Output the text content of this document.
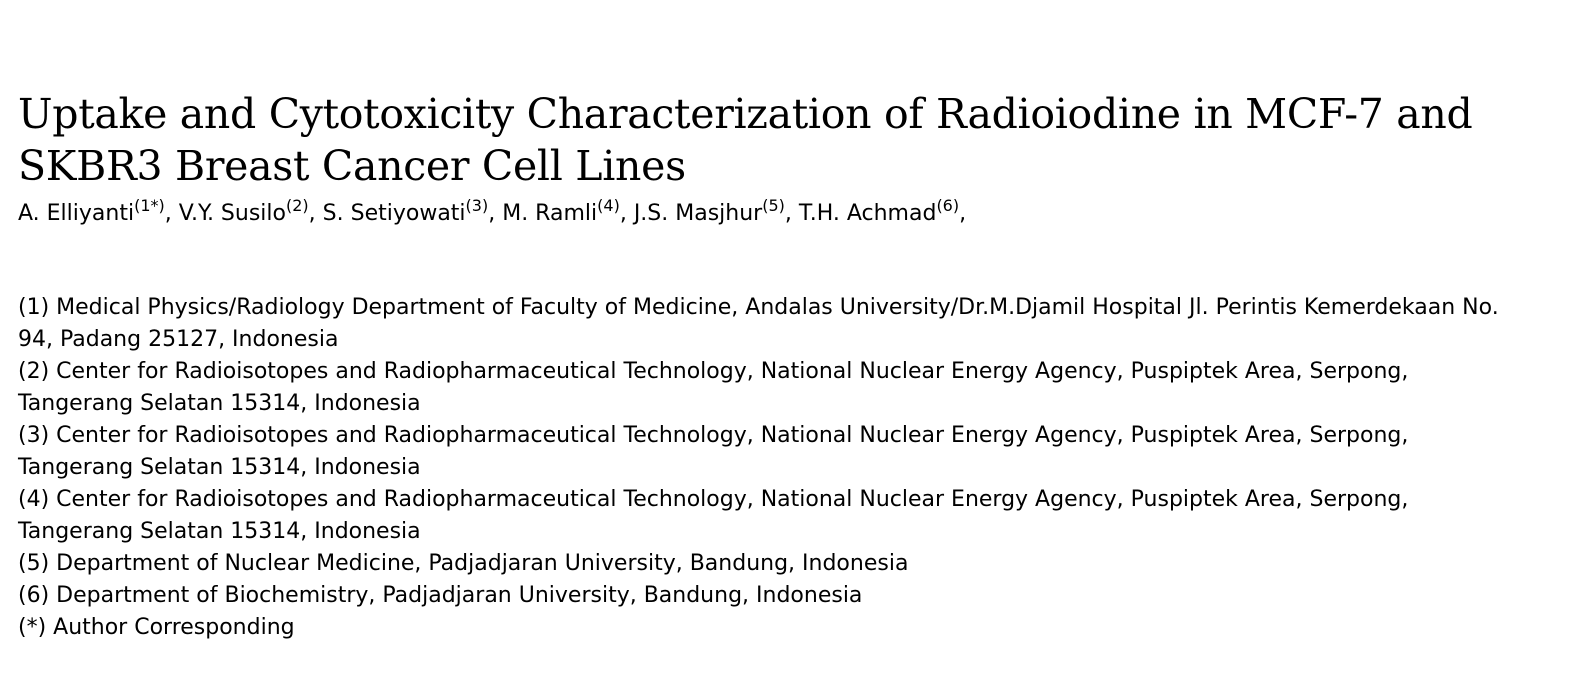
Uptake and Cytotoxicity Characterization of Radioiodine in MCF-7 and SKBR3 Breast Cancer Cell Lines
A. Elliyanti$^{(1*)}$, V.Y. Susilo$^{(2)}$, S. Setiyowati$^{(3)}$, M. Ramli$^{(4)}$, J.S. Masjhur$^{(5)}$, T.H. Achmad$^{(6)}$,
(1) Medical Physics/Radiology Department of Faculty of Medicine, Andalas University/Dr.M.Djamil Hospital Jl. Perintis Kemerdekaan No. 94, Padang 25127, Indonesia
(2) Center for Radioisotopes and Radiopharmaceutical Technology, National Nuclear Energy Agency, Puspiptek Area, Serpong, Tangerang Selatan 15314, Indonesia
(3) Center for Radioisotopes and Radiopharmaceutical Technology, National Nuclear Energy Agency, Puspiptek Area, Serpong, Tangerang Selatan 15314, Indonesia
(4) Center for Radioisotopes and Radiopharmaceutical Technology, National Nuclear Energy Agency, Puspiptek Area, Serpong, Tangerang Selatan 15314, Indonesia
(5) Department of Nuclear Medicine, Padjadjaran University, Bandung, Indonesia
(6) Department of Biochemistry, Padjadjaran University, Bandung, Indonesia
(*) Author Corresponding
